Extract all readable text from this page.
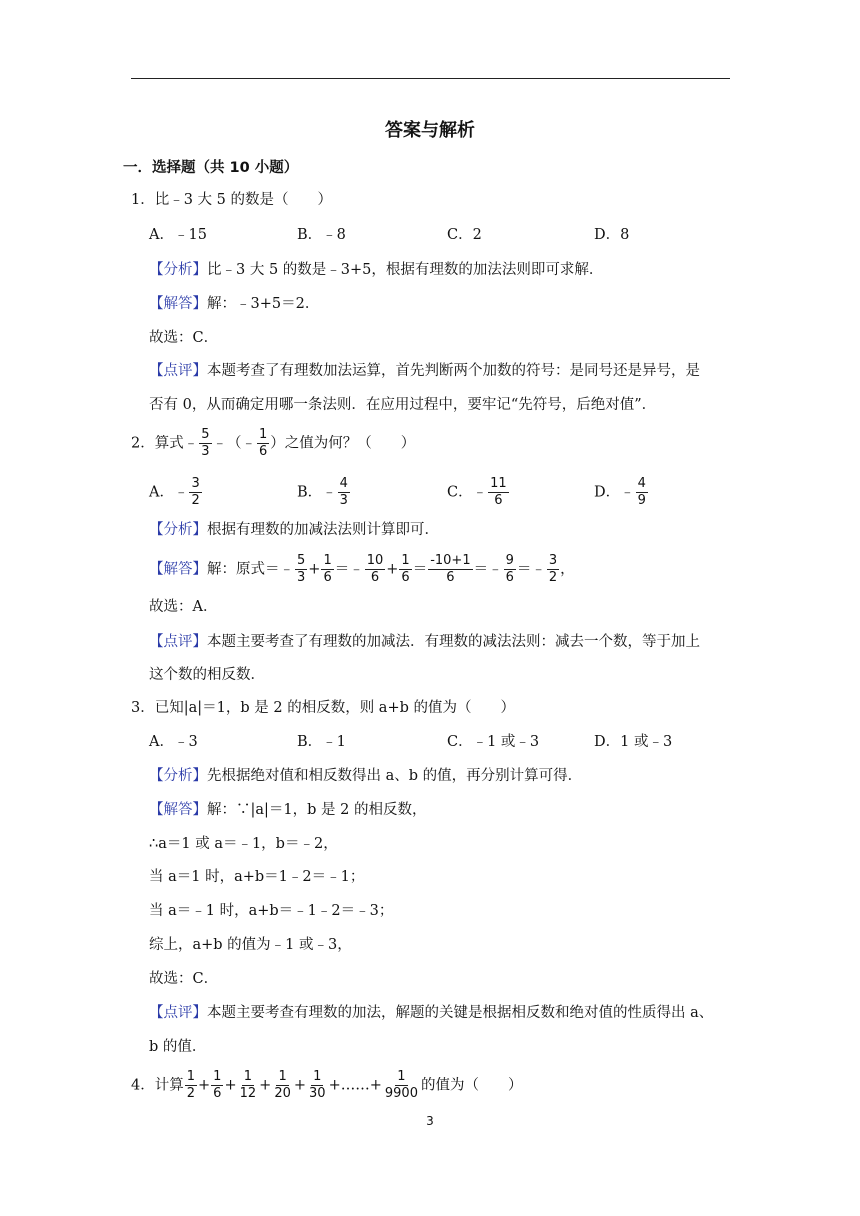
答案与解析
一．选择题（共 10 小题）
1．比﹣3 大 5 的数是（　　）
A．﹣15	B．﹣8	C．2	D．8
【分析】比﹣3 大 5 的数是﹣3+5，根据有理数的加法法则即可求解．
【解答】解：﹣3+5＝2．
故选：C．
【点评】本题考查了有理数加法运算，首先判断两个加数的符号：是同号还是异号，是
否有 0，从而确定用哪一条法则．在应用过程中，要牢记“先符号，后绝对值”．
2．算式﹣ $\frac{5}{3}$ ﹣（﹣ $\frac{1}{6}$ ）之值为何？（　　）
A．﹣ $\frac{3}{2}$	B．﹣ $\frac{4}{3}$	C．﹣ $\frac{11}{6}$	D．﹣ $\frac{4}{9}$
【分析】根据有理数的加减法法则计算即可．
【解答】解：原式＝﹣ $\frac{5}{3} + \frac{1}{6}$ ＝﹣ $\frac{10}{6} + \frac{1}{6} = \frac{-10+1}{6}$ ＝﹣ $\frac{9}{6}$ ＝﹣ $\frac{3}{2}$ ，
故选：A．
【点评】本题主要考查了有理数的加减法．有理数的减法法则：减去一个数，等于加上
这个数的相反数．
3．已知|a|＝1，b 是 2 的相反数，则 a+b 的值为（　　）
A．﹣3	B．﹣1	C．﹣1 或﹣3	D．1 或﹣3
【分析】先根据绝对值和相反数得出 a、b 的值，再分别计算可得．
【解答】解：∵|a|＝1，b 是 2 的相反数，
∴a＝1 或 a＝﹣1，b＝﹣2，
当 a＝1 时，a+b＝1﹣2＝﹣1；
当 a＝﹣1 时，a+b＝﹣1﹣2＝﹣3；
综上，a+b 的值为﹣1 或﹣3，
故选：C．
【点评】本题主要考查有理数的加法，解题的关键是根据相反数和绝对值的性质得出 a、
b 的值．
4．计算 $\frac{1}{2} + \frac{1}{6} + \frac{1}{12} + \frac{1}{20} + \frac{1}{30}$ +……+ $\frac{1}{9900}$ 的值为（　　）
3
